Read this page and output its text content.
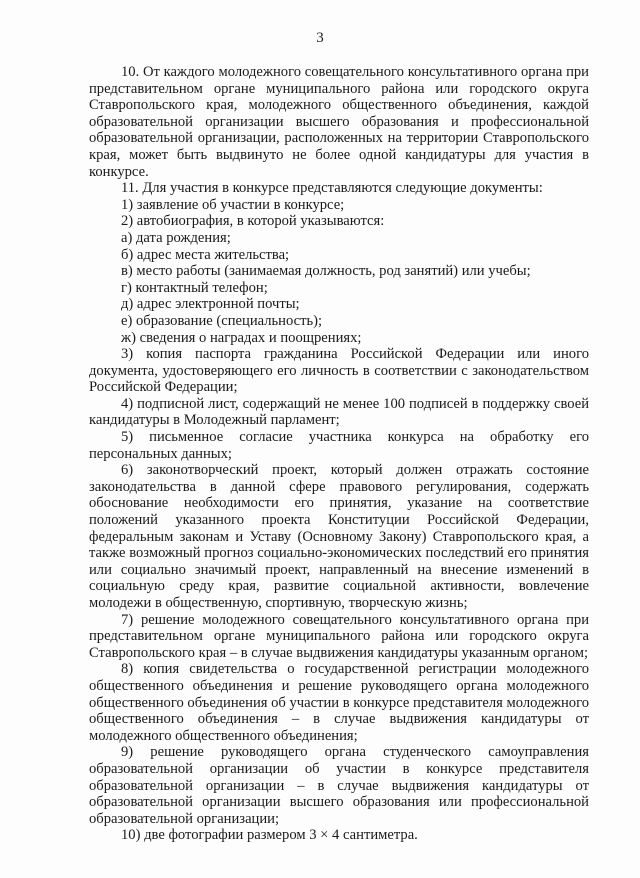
3

10. От каждого молодежного совещательного консультативного органа при представительном органе муниципального района или городского округа Ставропольского края, молодежного общественного объединения, каждой образовательной организации высшего образования и профессиональной образовательной организации, расположенных на территории Ставропольского края, может быть выдвинуто не более одной кандидатуры для участия в конкурсе.

11. Для участия в конкурсе представляются следующие документы:

1) заявление об участии в конкурсе;

2) автобиография, в которой указываются:

а) дата рождения;

б) адрес места жительства;

в) место работы (занимаемая должность, род занятий) или учебы;

г) контактный телефон;

д) адрес электронной почты;

е) образование (специальность);

ж) сведения о наградах и поощрениях;

3) копия паспорта гражданина Российской Федерации или иного документа, удостоверяющего его личность в соответствии с законодательством Российской Федерации;

4) подписной лист, содержащий не менее 100 подписей в поддержку своей кандидатуры в Молодежный парламент;

5) письменное согласие участника конкурса на обработку его персональных данных;

6) законотворческий проект, который должен отражать состояние законодательства в данной сфере правового регулирования, содержать обоснование необходимости его принятия, указание на соответствие положений указанного проекта Конституции Российской Федерации, федеральным законам и Уставу (Основному Закону) Ставропольского края, а также возможный прогноз социально-экономических последствий его принятия или социально значимый проект, направленный на внесение изменений в социальную среду края, развитие социальной активности, вовлечение молодежи в общественную, спортивную, творческую жизнь;

7) решение молодежного совещательного консультативного органа при представительном органе муниципального района или городского округа Ставропольского края – в случае выдвижения кандидатуры указанным органом;

8) копия свидетельства о государственной регистрации молодежного общественного объединения и решение руководящего органа молодежного общественного объединения об участии в конкурсе представителя молодежного общественного объединения – в случае выдвижения кандидатуры от молодежного общественного объединения;

9) решение руководящего органа студенческого самоуправления образовательной организации об участии в конкурсе представителя образовательной организации – в случае выдвижения кандидатуры от образовательной организации высшего образования или профессиональной образовательной организации;

10) две фотографии размером 3 × 4 сантиметра.
